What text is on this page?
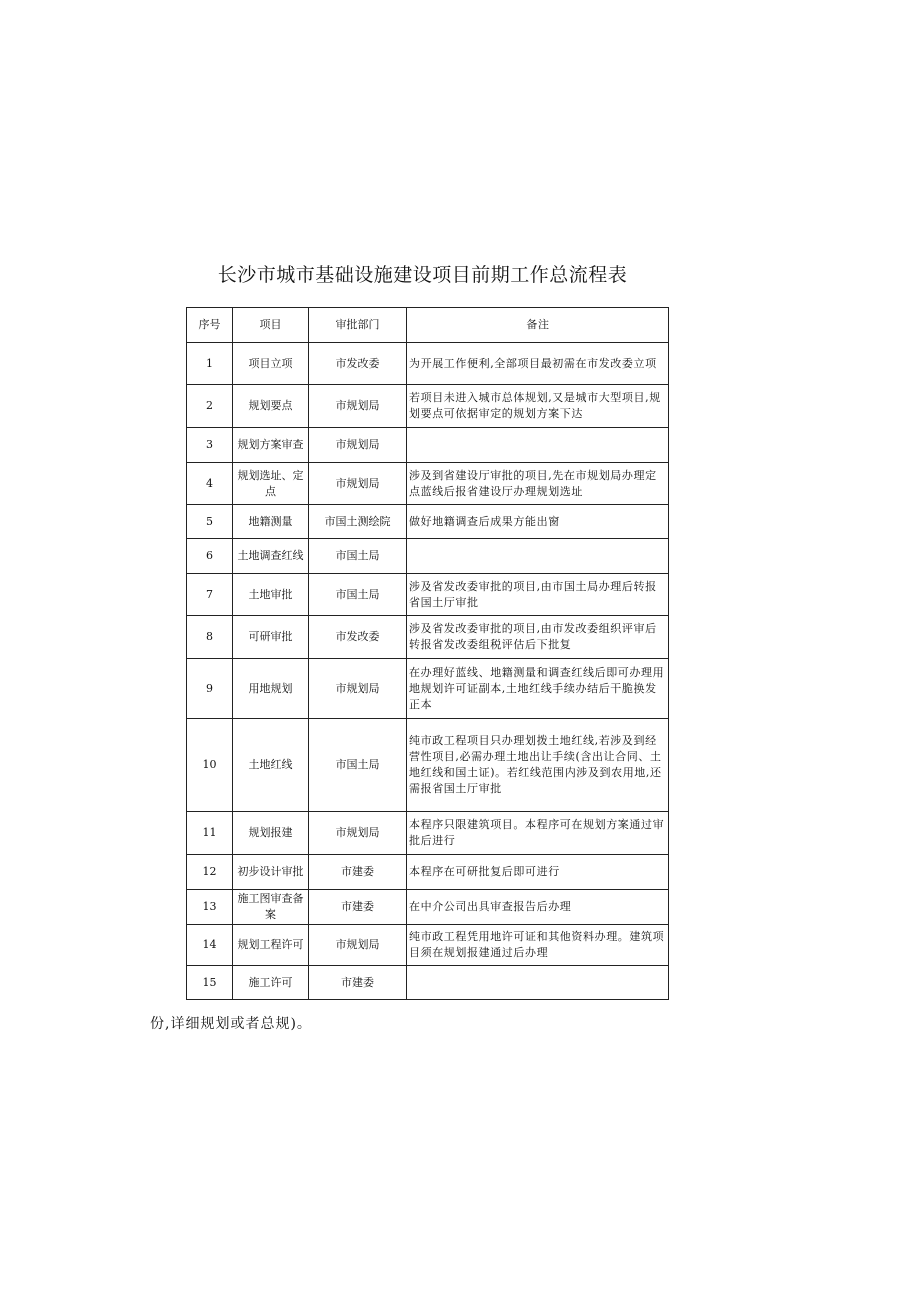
长沙市城市基础设施建设项目前期工作总流程表
序号	项目	审批部门	备注
1	项目立项	市发改委	为开展工作便利,全部项目最初需在市发改委立项
2	规划要点	市规划局	若项目未进入城市总体规划,又是城市大型项目,规划要点可依据审定的规划方案下达
3	规划方案审查	市规划局	
4	规划选址、定点	市规划局	涉及到省建设厅审批的项目,先在市规划局办理定点蓝线后报省建设厅办理规划选址
5	地籍测量	市国土测绘院	做好地籍调查后成果方能出窗
6	土地调查红线	市国土局	
7	土地审批	市国土局	涉及省发改委审批的项目,由市国土局办理后转报省国土厅审批
8	可研审批	市发改委	涉及省发改委审批的项目,由市发改委组织评审后转报省发改委组税评估后下批复
9	用地规划	市规划局	在办理好蓝线、地籍测量和调查红线后即可办理用地规划许可证副本,土地红线手续办结后干脆换发正本
10	土地红线	市国土局	纯市政工程项目只办理划拨土地红线,若涉及到经营性项目,必需办理土地出让手续(含出让合同、土地红线和国土证)。若红线范围内涉及到农用地,还需报省国土厅审批
11	规划报建	市规划局	本程序只限建筑项目。本程序可在规划方案通过审批后进行
12	初步设计审批	市建委	本程序在可研批复后即可进行
13	施工图审查备案	市建委	在中介公司出具审查报告后办理
14	规划工程许可	市规划局	纯市政工程凭用地许可证和其他资料办理。建筑项目须在规划报建通过后办理
15	施工许可	市建委	
份,详细规划或者总规)。
